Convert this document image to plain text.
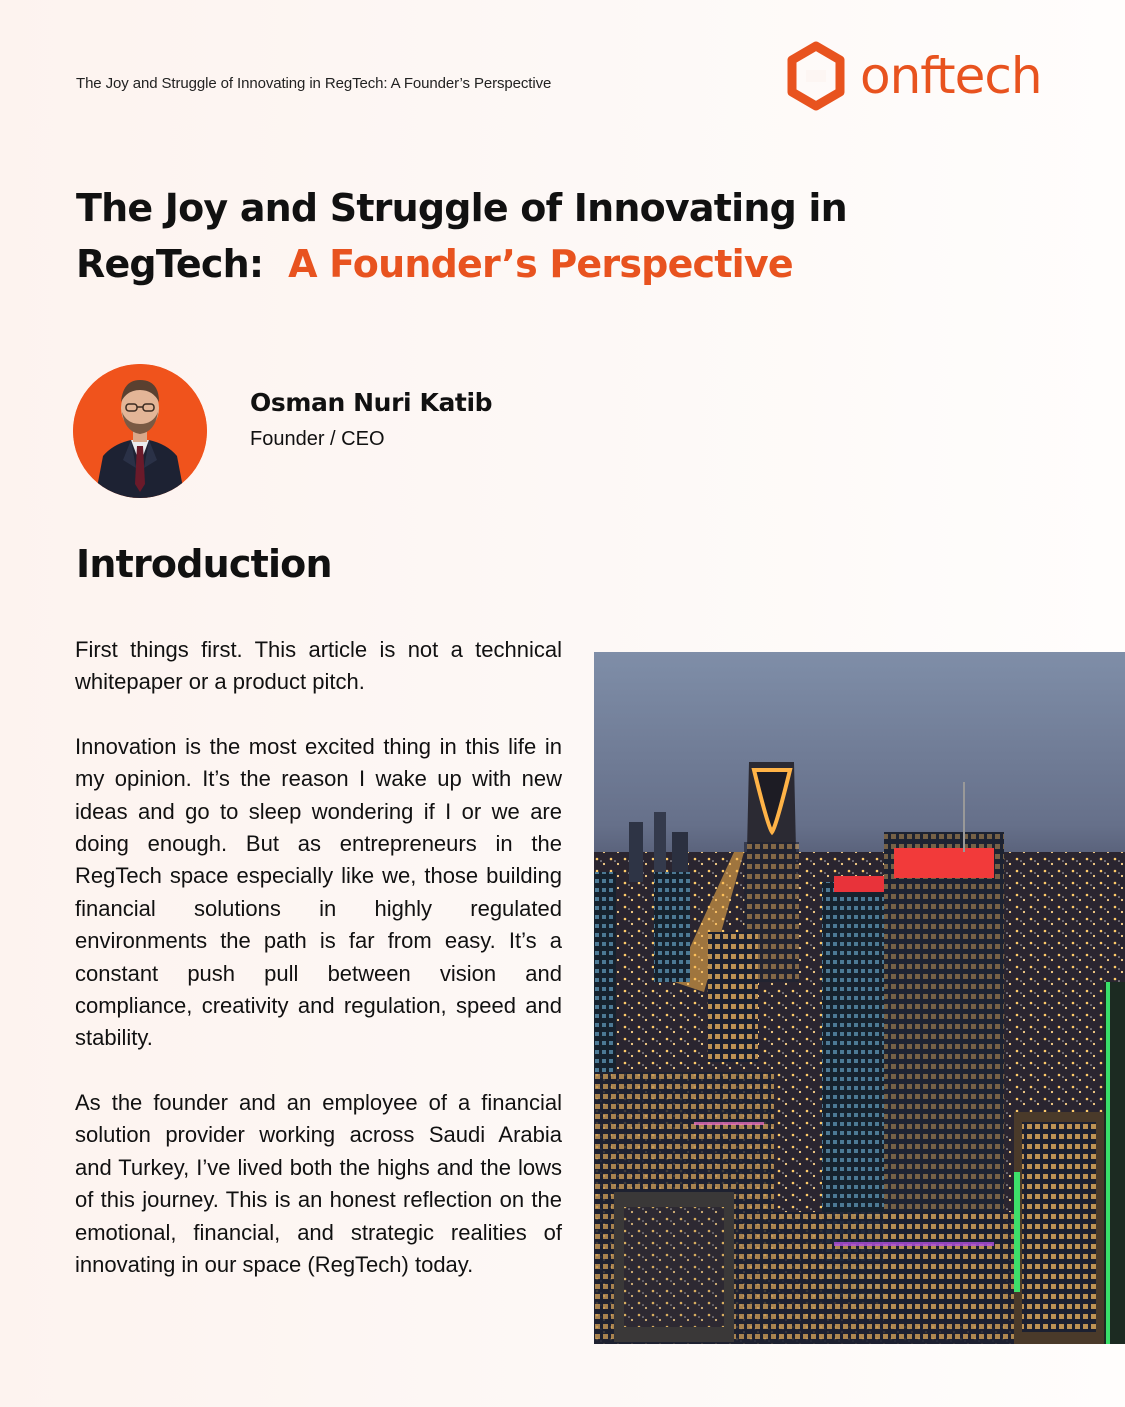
The Joy and Struggle of Innovating in RegTech: A Founder’s Perspective	onftech
The Joy and Struggle of Innovating in
RegTech: A Founder’s Perspective
Osman Nuri Katib
Founder / CEO
Introduction

First things first. This article is not a technical whitepaper or a product pitch.

Innovation is the most excited thing in this life in my opinion. It’s the reason I wake up with new ideas and go to sleep wondering if I or we are doing enough. But as entrepreneurs in the RegTech space especially like we, those building financial solutions in highly regulated environments the path is far from easy. It’s a constant push pull between vision and compliance, creativity and regulation, speed and stability.

As the founder and an employee of a financial solution provider working across Saudi Arabia and Turkey, I’ve lived both the highs and the lows of this journey. This is an honest reflection on the emotional, financial, and strategic realities of innovating in our space (RegTech) today.
